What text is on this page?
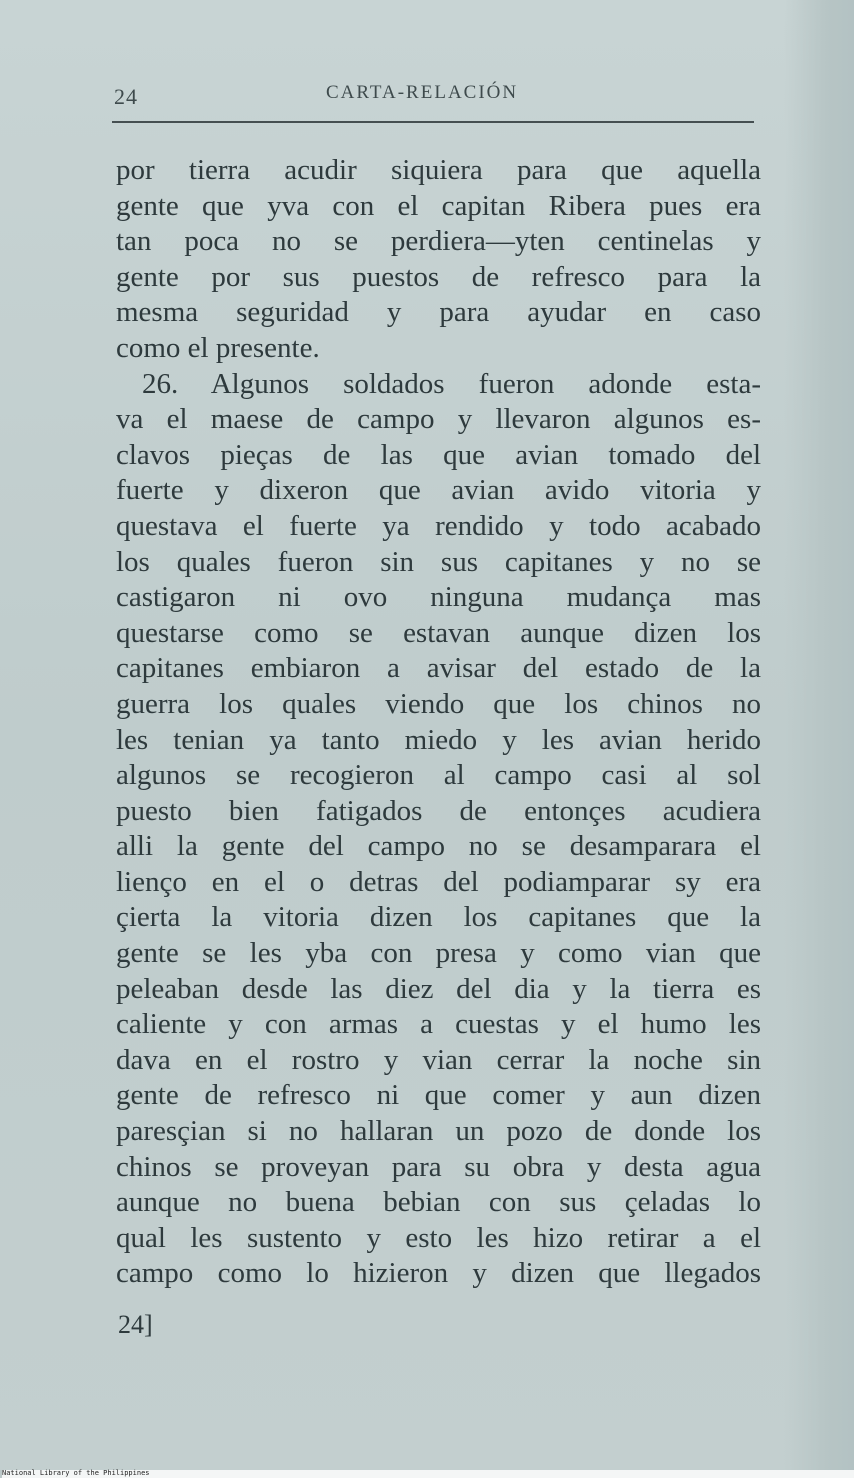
24	CARTA-RELACIÓN
por tierra acudir siquiera para que aquella
gente que yva con el capitan Ribera pues era
tan poca no se perdiera—yten centinelas y
gente por sus puestos de refresco para la
mesma seguridad y para ayudar en caso
como el presente.
26. Algunos soldados fueron adonde esta-
va el maese de campo y llevaron algunos es-
clavos pieças de las que avian tomado del
fuerte y dixeron que avian avido vitoria y
questava el fuerte ya rendido y todo acabado
los quales fueron sin sus capitanes y no se
castigaron ni ovo ninguna mudança mas
questarse como se estavan aunque dizen los
capitanes embiaron a avisar del estado de la
guerra los quales viendo que los chinos no
les tenian ya tanto miedo y les avian herido
algunos se recogieron al campo casi al sol
puesto bien fatigados de entonçes acudiera
alli la gente del campo no se desamparara el
lienço en el o detras del podiamparar sy era
çierta la vitoria dizen los capitanes que la
gente se les yba con presa y como vian que
peleaban desde las diez del dia y la tierra es
caliente y con armas a cuestas y el humo les
dava en el rostro y vian cerrar la noche sin
gente de refresco ni que comer y aun dizen
paresçian si no hallaran un pozo de donde los
chinos se proveyan para su obra y desta agua
aunque no buena bebian con sus çeladas lo
qual les sustento y esto les hizo retirar a el
campo como lo hizieron y dizen que llegados
24]
National Library of the Philippines
